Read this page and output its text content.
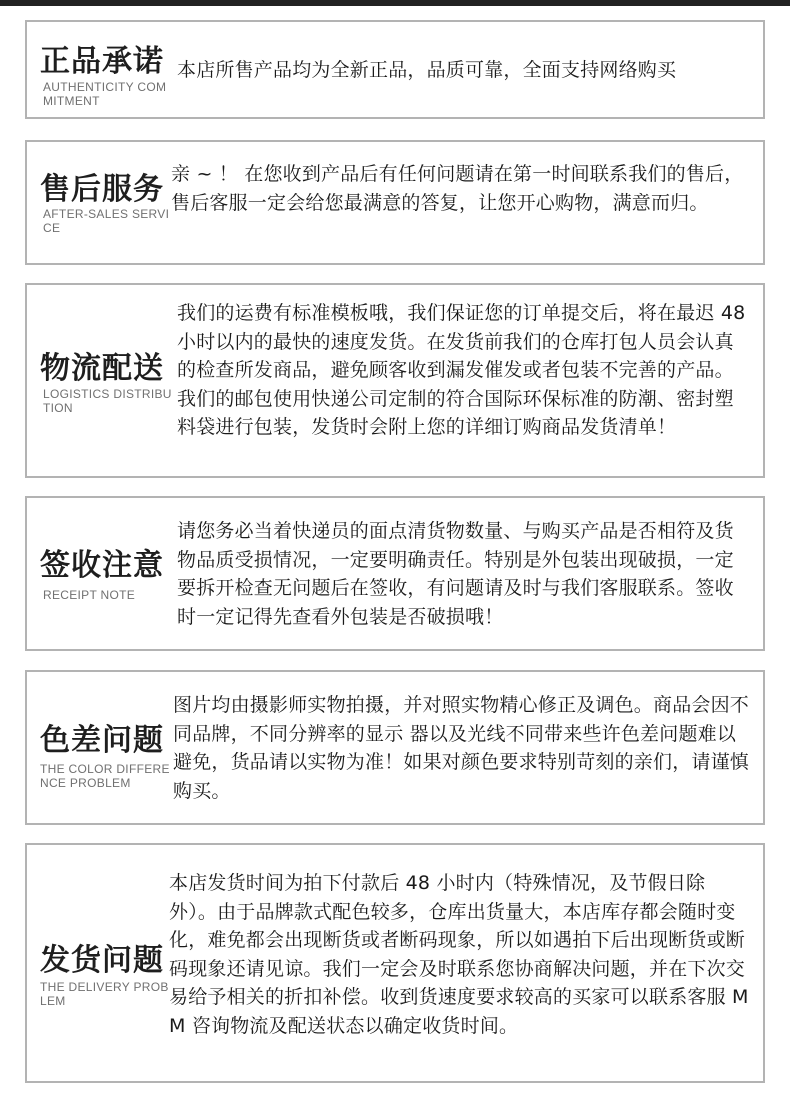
正品承诺
AUTHENTICITY COMMITMENT
本店所售产品均为全新正品，品质可靠，全面支持网络购买
售后服务
AFTER-SALES SERVICE
亲 ~ ！ 在您收到产品后有任何问题请在第一时间联系我们的售后，售后客服一定会给您最满意的答复，让您开心购物，满意而归。
物流配送
LOGISTICS DISTRIBUTION
我们的运费有标准模板哦，我们保证您的订单提交后，将在最迟 48 小时以内的最快的速度发货。在发货前我们的仓库打包人员会认真的检查所发商品，避免顾客收到漏发催发或者包装不完善的产品。我们的邮包使用快递公司定制的符合国际环保标准的防潮、密封塑料袋进行包装，发货时会附上您的详细订购商品发货清单！
签收注意
RECEIPT NOTE
请您务必当着快递员的面点清货物数量、与购买产品是否相符及货物品质受损情况，一定要明确责任。特别是外包装出现破损，一定要拆开检查无问题后在签收，有问题请及时与我们客服联系。签收时一定记得先查看外包装是否破损哦！
色差问题
THE COLOR DIFFERENCE PROBLEM
图片均由摄影师实物拍摄，并对照实物精心修正及调色。商品会因不同品牌，不同分辨率的显示 器以及光线不同带来些许色差问题难以避免，货品请以实物为准！如果对颜色要求特别苛刻的亲们，请谨慎购买。
发货问题
THE DELIVERY PROBLEM
本店发货时间为拍下付款后 48 小时内（特殊情况，及节假日除外）。由于品牌款式配色较多，仓库出货量大，本店库存都会随时变化，难免都会出现断货或者断码现象，所以如遇拍下后出现断货或断码现象还请见谅。我们一定会及时联系您协商解决问题，并在下次交易给予相关的折扣补偿。收到货速度要求较高的买家可以联系客服 MM 咨询物流及配送状态以确定收货时间。
